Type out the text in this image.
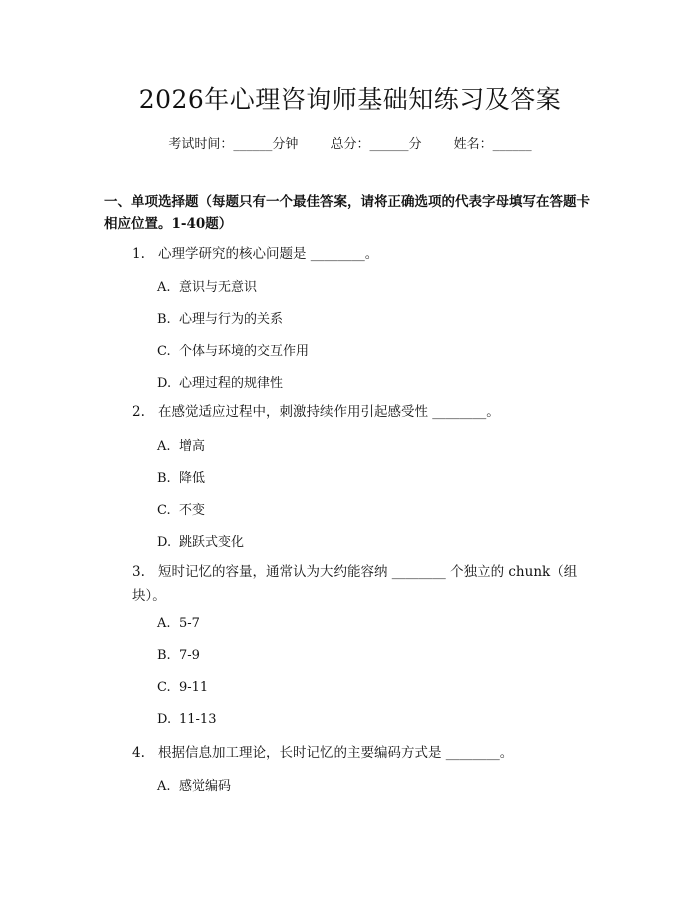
2026年心理咨询师基础知练习及答案
考试时间：______分钟 总分：______分 姓名：______
一、单项选择题（每题只有一个最佳答案，请将正确选项的代表字母填写在答题卡相应位置。1-40题）
1. 心理学研究的核心问题是 ________。
A. 意识与无意识
B. 心理与行为的关系
C. 个体与环境的交互作用
D. 心理过程的规律性
2. 在感觉适应过程中，刺激持续作用引起感受性 ________。
A. 增高
B. 降低
C. 不变
D. 跳跃式变化
3. 短时记忆的容量，通常认为大约能容纳 ________ 个独立的 chunk（组块）。
A. 5-7
B. 7-9
C. 9-11
D. 11-13
4. 根据信息加工理论，长时记忆的主要编码方式是 ________。
A. 感觉编码
